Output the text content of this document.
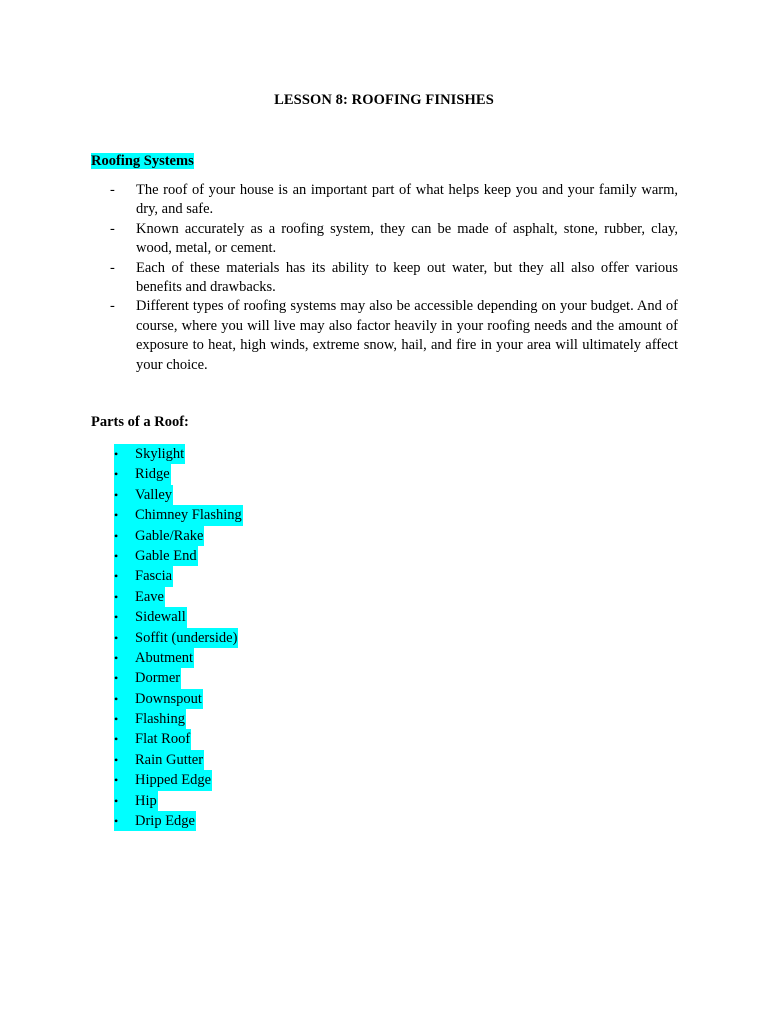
LESSON 8: ROOFING FINISHES
Roofing Systems
- The roof of your house is an important part of what helps keep you and your family warm, dry, and safe.
- Known accurately as a roofing system, they can be made of asphalt, stone, rubber, clay, wood, metal, or cement.
- Each of these materials has its ability to keep out water, but they all also offer various benefits and drawbacks.
- Different types of roofing systems may also be accessible depending on your budget. And of course, where you will live may also factor heavily in your roofing needs and the amount of exposure to heat, high winds, extreme snow, hail, and fire in your area will ultimately affect your choice.
Parts of a Roof:
• Skylight
• Ridge
• Valley
• Chimney Flashing
• Gable/Rake
• Gable End
• Fascia
• Eave
• Sidewall
• Soffit (underside)
• Abutment
• Dormer
• Downspout
• Flashing
• Flat Roof
• Rain Gutter
• Hipped Edge
• Hip
• Drip Edge
